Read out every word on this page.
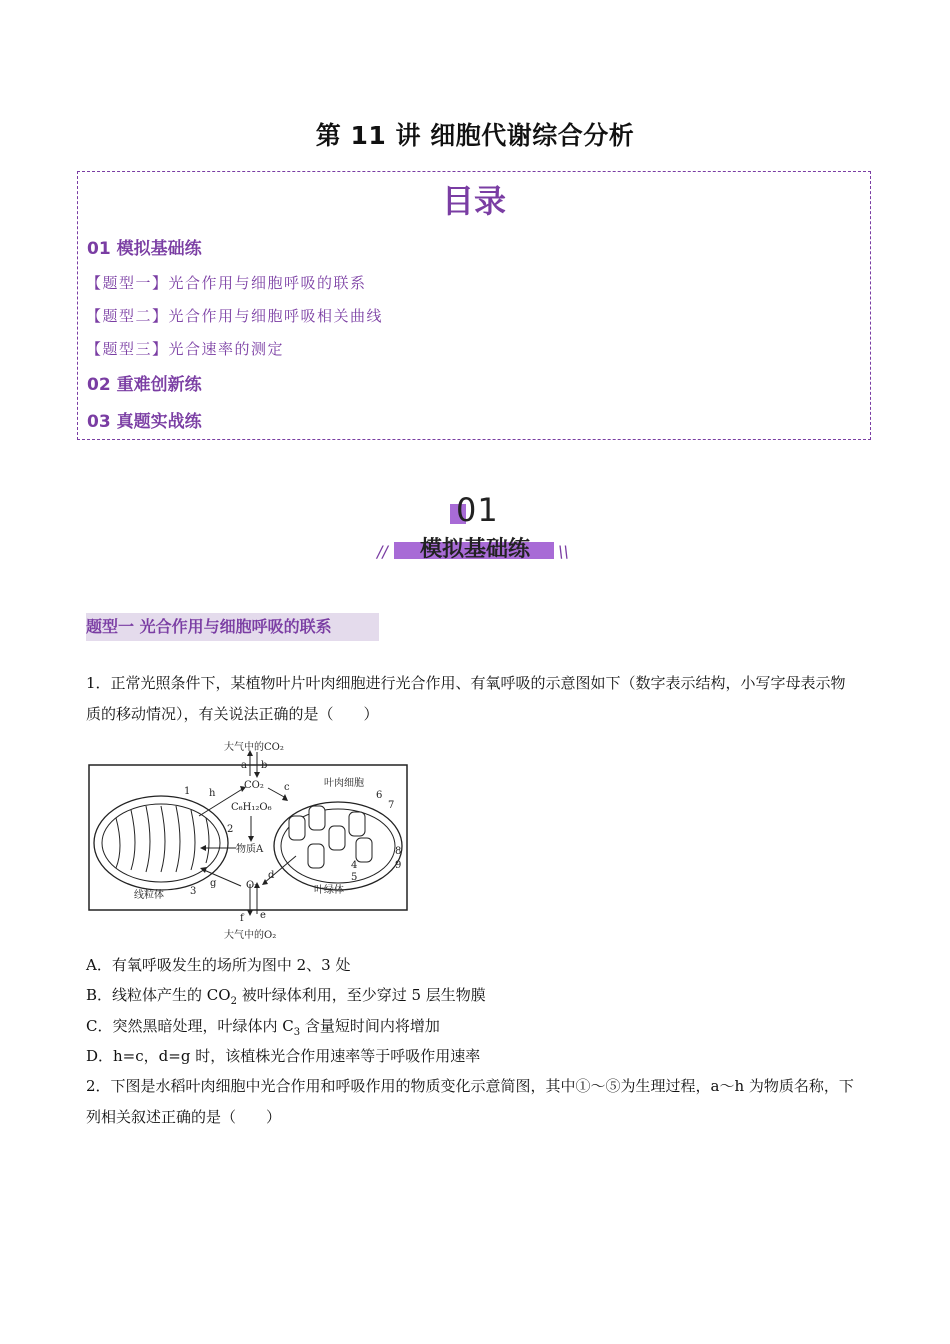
第 11 讲 细胞代谢综合分析
目录
01 模拟基础练
【题型一】光合作用与细胞呼吸的联系
【题型二】光合作用与细胞呼吸相关曲线
【题型三】光合速率的测定
02 重难创新练
03 真题实战练
01
//	\\
模拟基础练
题型一 光合作用与细胞呼吸的联系
1．正常光照条件下，某植物叶片叶肉细胞进行光合作用、有氧呼吸的示意图如下（数字表示结构，小写字母表示物质的移动情况），有关说法正确的是（　　）
大气中的CO₂
大气中的O₂
CO₂
C₆H₁₂O₆
物质A
O₂
线粒体	叶绿体
叶肉细胞
a b
h
c
g
d
f e
1
2
3
4
5
6
7
8
9
A．有氧呼吸发生的场所为图中 2、3 处
B．线粒体产生的 $CO_2$ 被叶绿体利用，至少穿过 5 层生物膜
C．突然黑暗处理，叶绿体内 $C_3$ 含量短时间内将增加
D．h=c，d=g 时，该植株光合作用速率等于呼吸作用速率
2．下图是水稻叶肉细胞中光合作用和呼吸作用的物质变化示意简图，其中①～⑤为生理过程，a～h 为物质名称，下列相关叙述正确的是（　　）
